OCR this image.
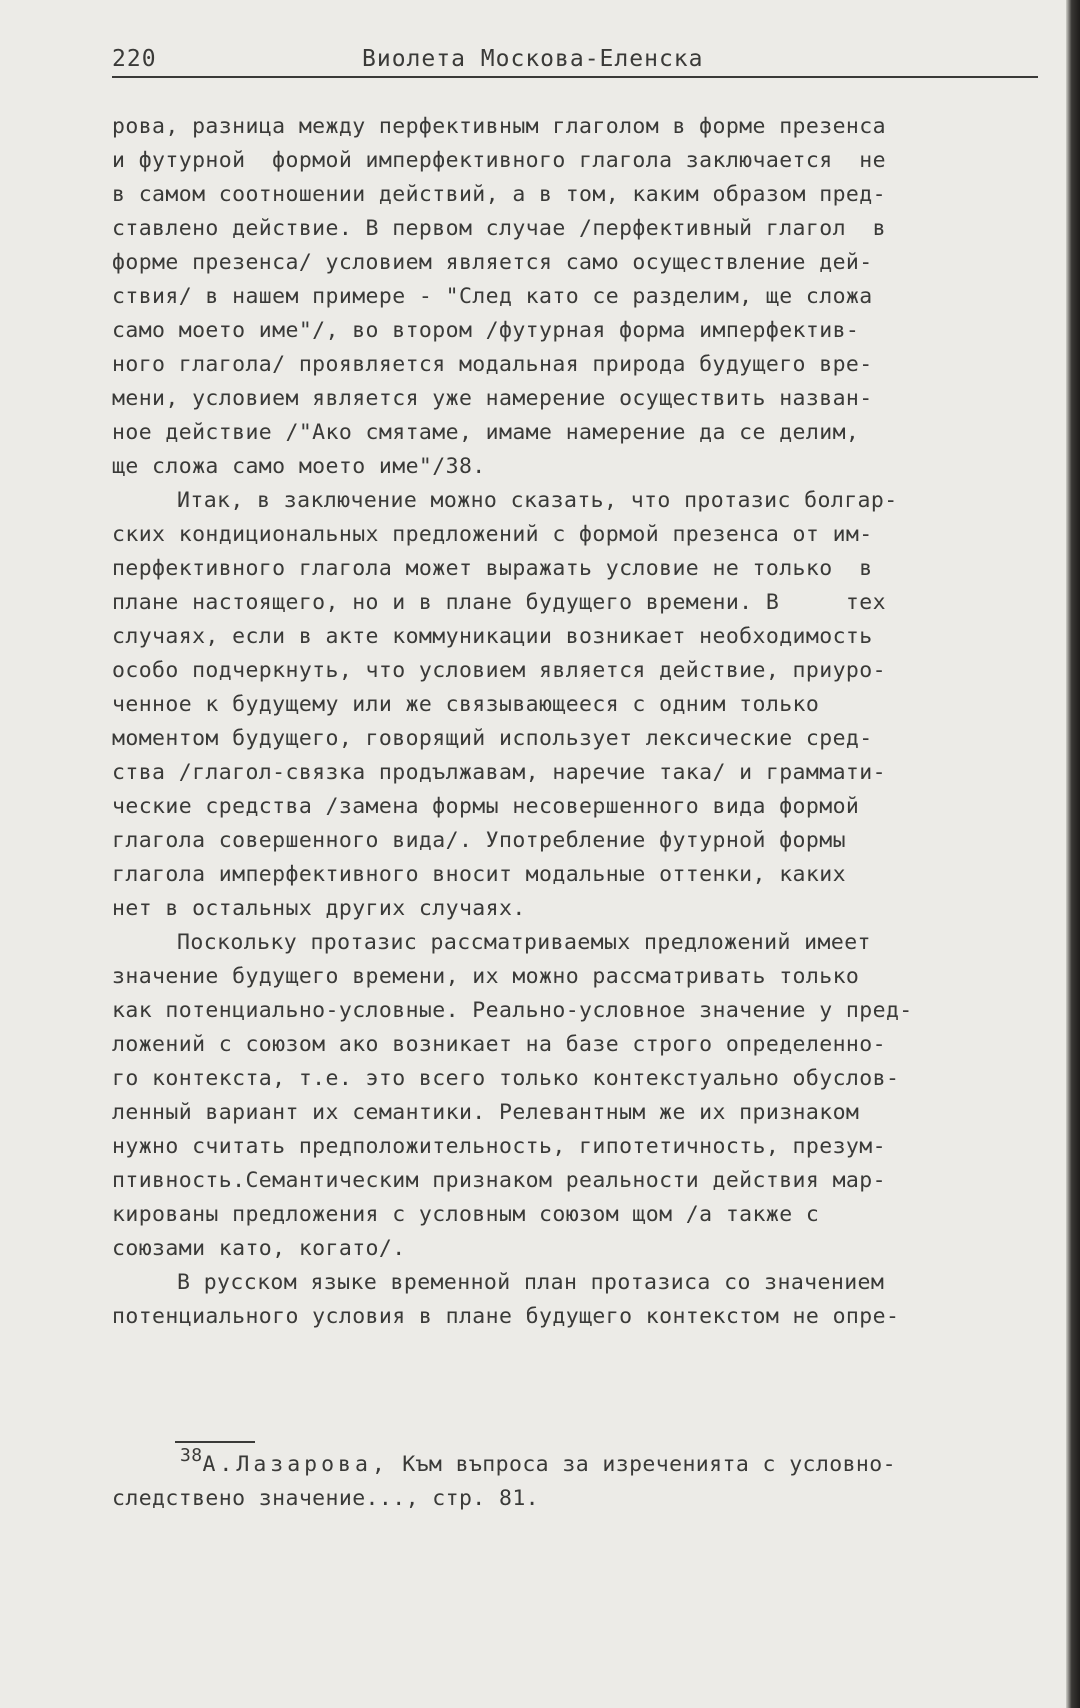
220	Виолета Москова-Еленска
рова, разница между перфективным глаголом в форме презенса
и футурной  формой имперфективного глагола заключается  не
в самом соотношении действий, а в том, каким образом пред-
ставлено действие. В первом случае /перфективный глагол  в
форме презенса/ условием является само осуществление дей-
ствия/ в нашем примере - "След като се разделим, ще сложа
само моето име"/, во втором /футурная форма имперфектив-
ного глагола/ проявляется модальная природа будущего вре-
мени, условием является уже намерение осуществить назван-
ное действие /"Ако смятаме, имаме намерение да се делим,
ще сложа само моето име"/38.
Итак, в заключение можно сказать, что протазис болгар-
ских кондициональных предложений с формой презенса от им-
перфективного глагола может выражать условие не только  в
плане настоящего, но и в плане будущего времени. В     тех
случаях, если в акте коммуникации возникает необходимость
особо подчеркнуть, что условием является действие, приуро-
ченное к будущему или же связывающееся с одним только
моментом будущего, говорящий использует лексические сред-
ства /глагол-связка продължавам, наречие така/ и граммати-
ческие средства /замена формы несовершенного вида формой
глагола совершенного вида/. Употребление футурной формы
глагола имперфективного вносит модальные оттенки, каких
нет в остальных других случаях.
Поскольку протазис рассматриваемых предложений имеет
значение будущего времени, их можно рассматривать только
как потенциально-условные. Реально-условное значение у пред-
ложений с союзом ако возникает на базе строго определенно-
го контекста, т.е. это всего только контекстуально обуслов-
ленный вариант их семантики. Релевантным же их признаком
нужно считать предположительность, гипотетичность, презум-
птивность.Семантическим признаком реальности действия мар-
кированы предложения с условным союзом щом /а также с
союзами като, когато/.
В русском языке временной план протазиса со значением
потенциального условия в плане будущего контекстом не опре-
$^{38}$А.Лазарова, Към въпроса за изреченията с условно-
следствено значение..., стр. 81.
